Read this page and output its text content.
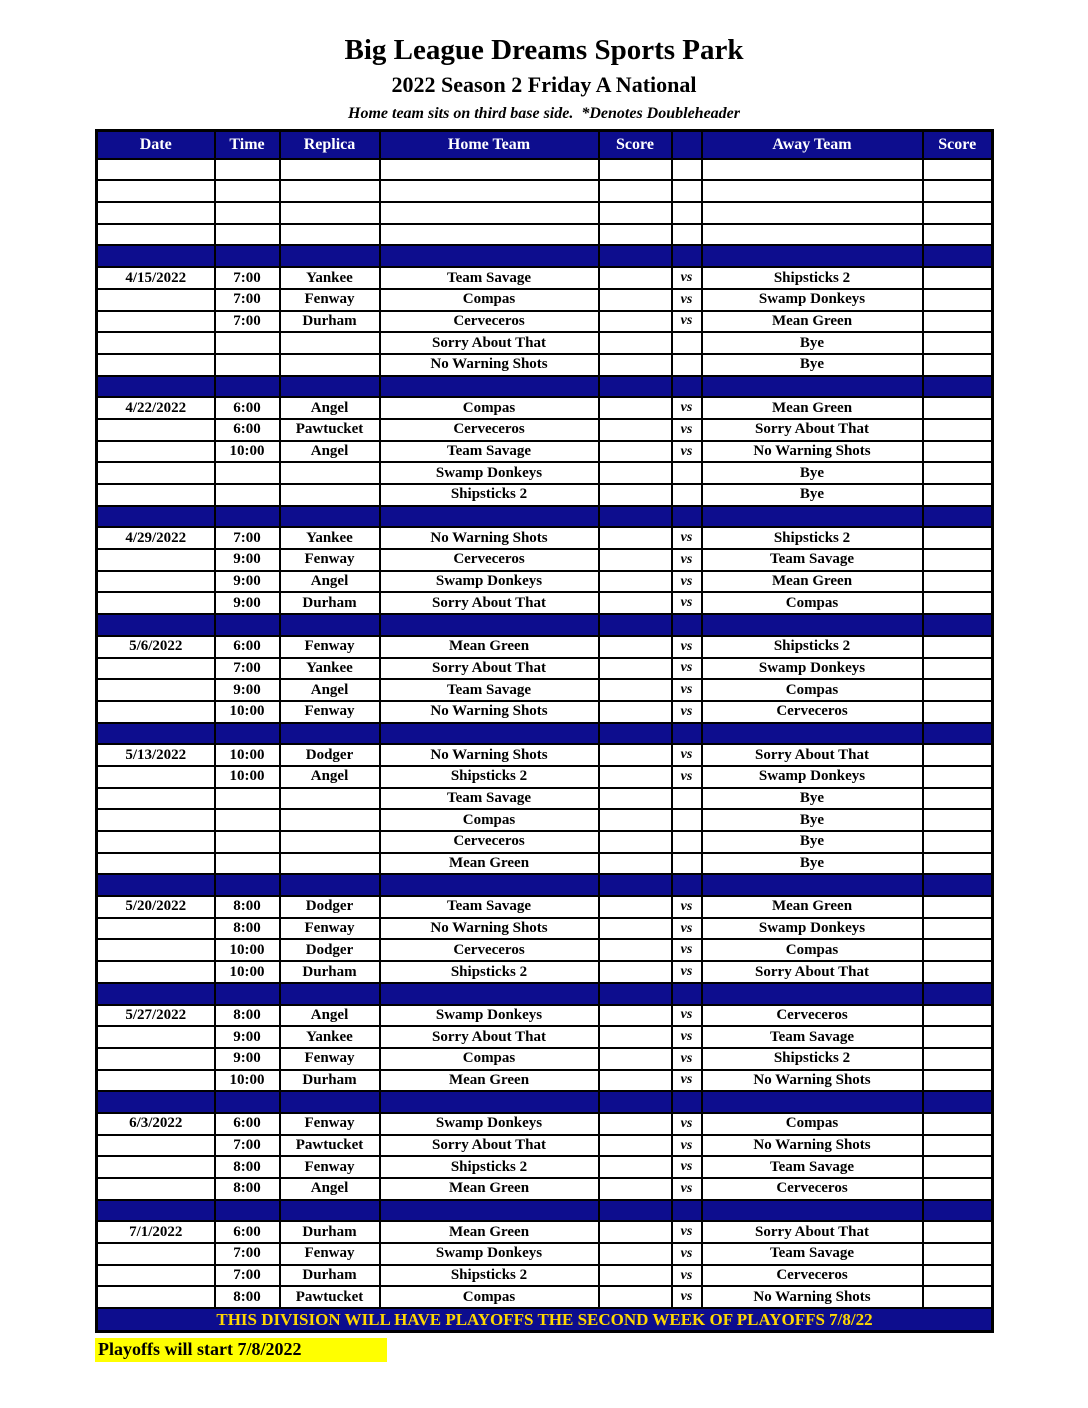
Big League Dreams Sports Park
2022 Season 2 Friday A National
Home team sits on third base side.  *Denotes Doubleheader
Date	Time	Replica	Home Team	Score		Away Team	Score

4/15/2022	7:00	Yankee	Team Savage		vs	Shipsticks 2	
	7:00	Fenway	Compas		vs	Swamp Donkeys	
	7:00	Durham	Cerveceros		vs	Mean Green	
			Sorry About That			Bye	
			No Warning Shots			Bye	

4/22/2022	6:00	Angel	Compas		vs	Mean Green	
	6:00	Pawtucket	Cerveceros		vs	Sorry About That	
	10:00	Angel	Team Savage		vs	No Warning Shots	
			Swamp Donkeys			Bye	
			Shipsticks 2			Bye	

4/29/2022	7:00	Yankee	No Warning Shots		vs	Shipsticks 2	
	9:00	Fenway	Cerveceros		vs	Team Savage	
	9:00	Angel	Swamp Donkeys		vs	Mean Green	
	9:00	Durham	Sorry About That		vs	Compas	

5/6/2022	6:00	Fenway	Mean Green		vs	Shipsticks 2	
	7:00	Yankee	Sorry About That		vs	Swamp Donkeys	
	9:00	Angel	Team Savage		vs	Compas	
	10:00	Fenway	No Warning Shots		vs	Cerveceros	

5/13/2022	10:00	Dodger	No Warning Shots		vs	Sorry About That	
	10:00	Angel	Shipsticks 2		vs	Swamp Donkeys	
			Team Savage			Bye	
			Compas			Bye	
			Cerveceros			Bye	
			Mean Green			Bye	

5/20/2022	8:00	Dodger	Team Savage		vs	Mean Green	
	8:00	Fenway	No Warning Shots		vs	Swamp Donkeys	
	10:00	Dodger	Cerveceros		vs	Compas	
	10:00	Durham	Shipsticks 2		vs	Sorry About That	

5/27/2022	8:00	Angel	Swamp Donkeys		vs	Cerveceros	
	9:00	Yankee	Sorry About That		vs	Team Savage	
	9:00	Fenway	Compas		vs	Shipsticks 2	
	10:00	Durham	Mean Green		vs	No Warning Shots	

6/3/2022	6:00	Fenway	Swamp Donkeys		vs	Compas	
	7:00	Pawtucket	Sorry About That		vs	No Warning Shots	
	8:00	Fenway	Shipsticks 2		vs	Team Savage	
	8:00	Angel	Mean Green		vs	Cerveceros	

7/1/2022	6:00	Durham	Mean Green		vs	Sorry About That	
	7:00	Fenway	Swamp Donkeys		vs	Team Savage	
	7:00	Durham	Shipsticks 2		vs	Cerveceros	
	8:00	Pawtucket	Compas		vs	No Warning Shots	
THIS DIVISION WILL HAVE PLAYOFFS THE SECOND WEEK OF PLAYOFFS 7/8/22							
Playoffs will start 7/8/2022
